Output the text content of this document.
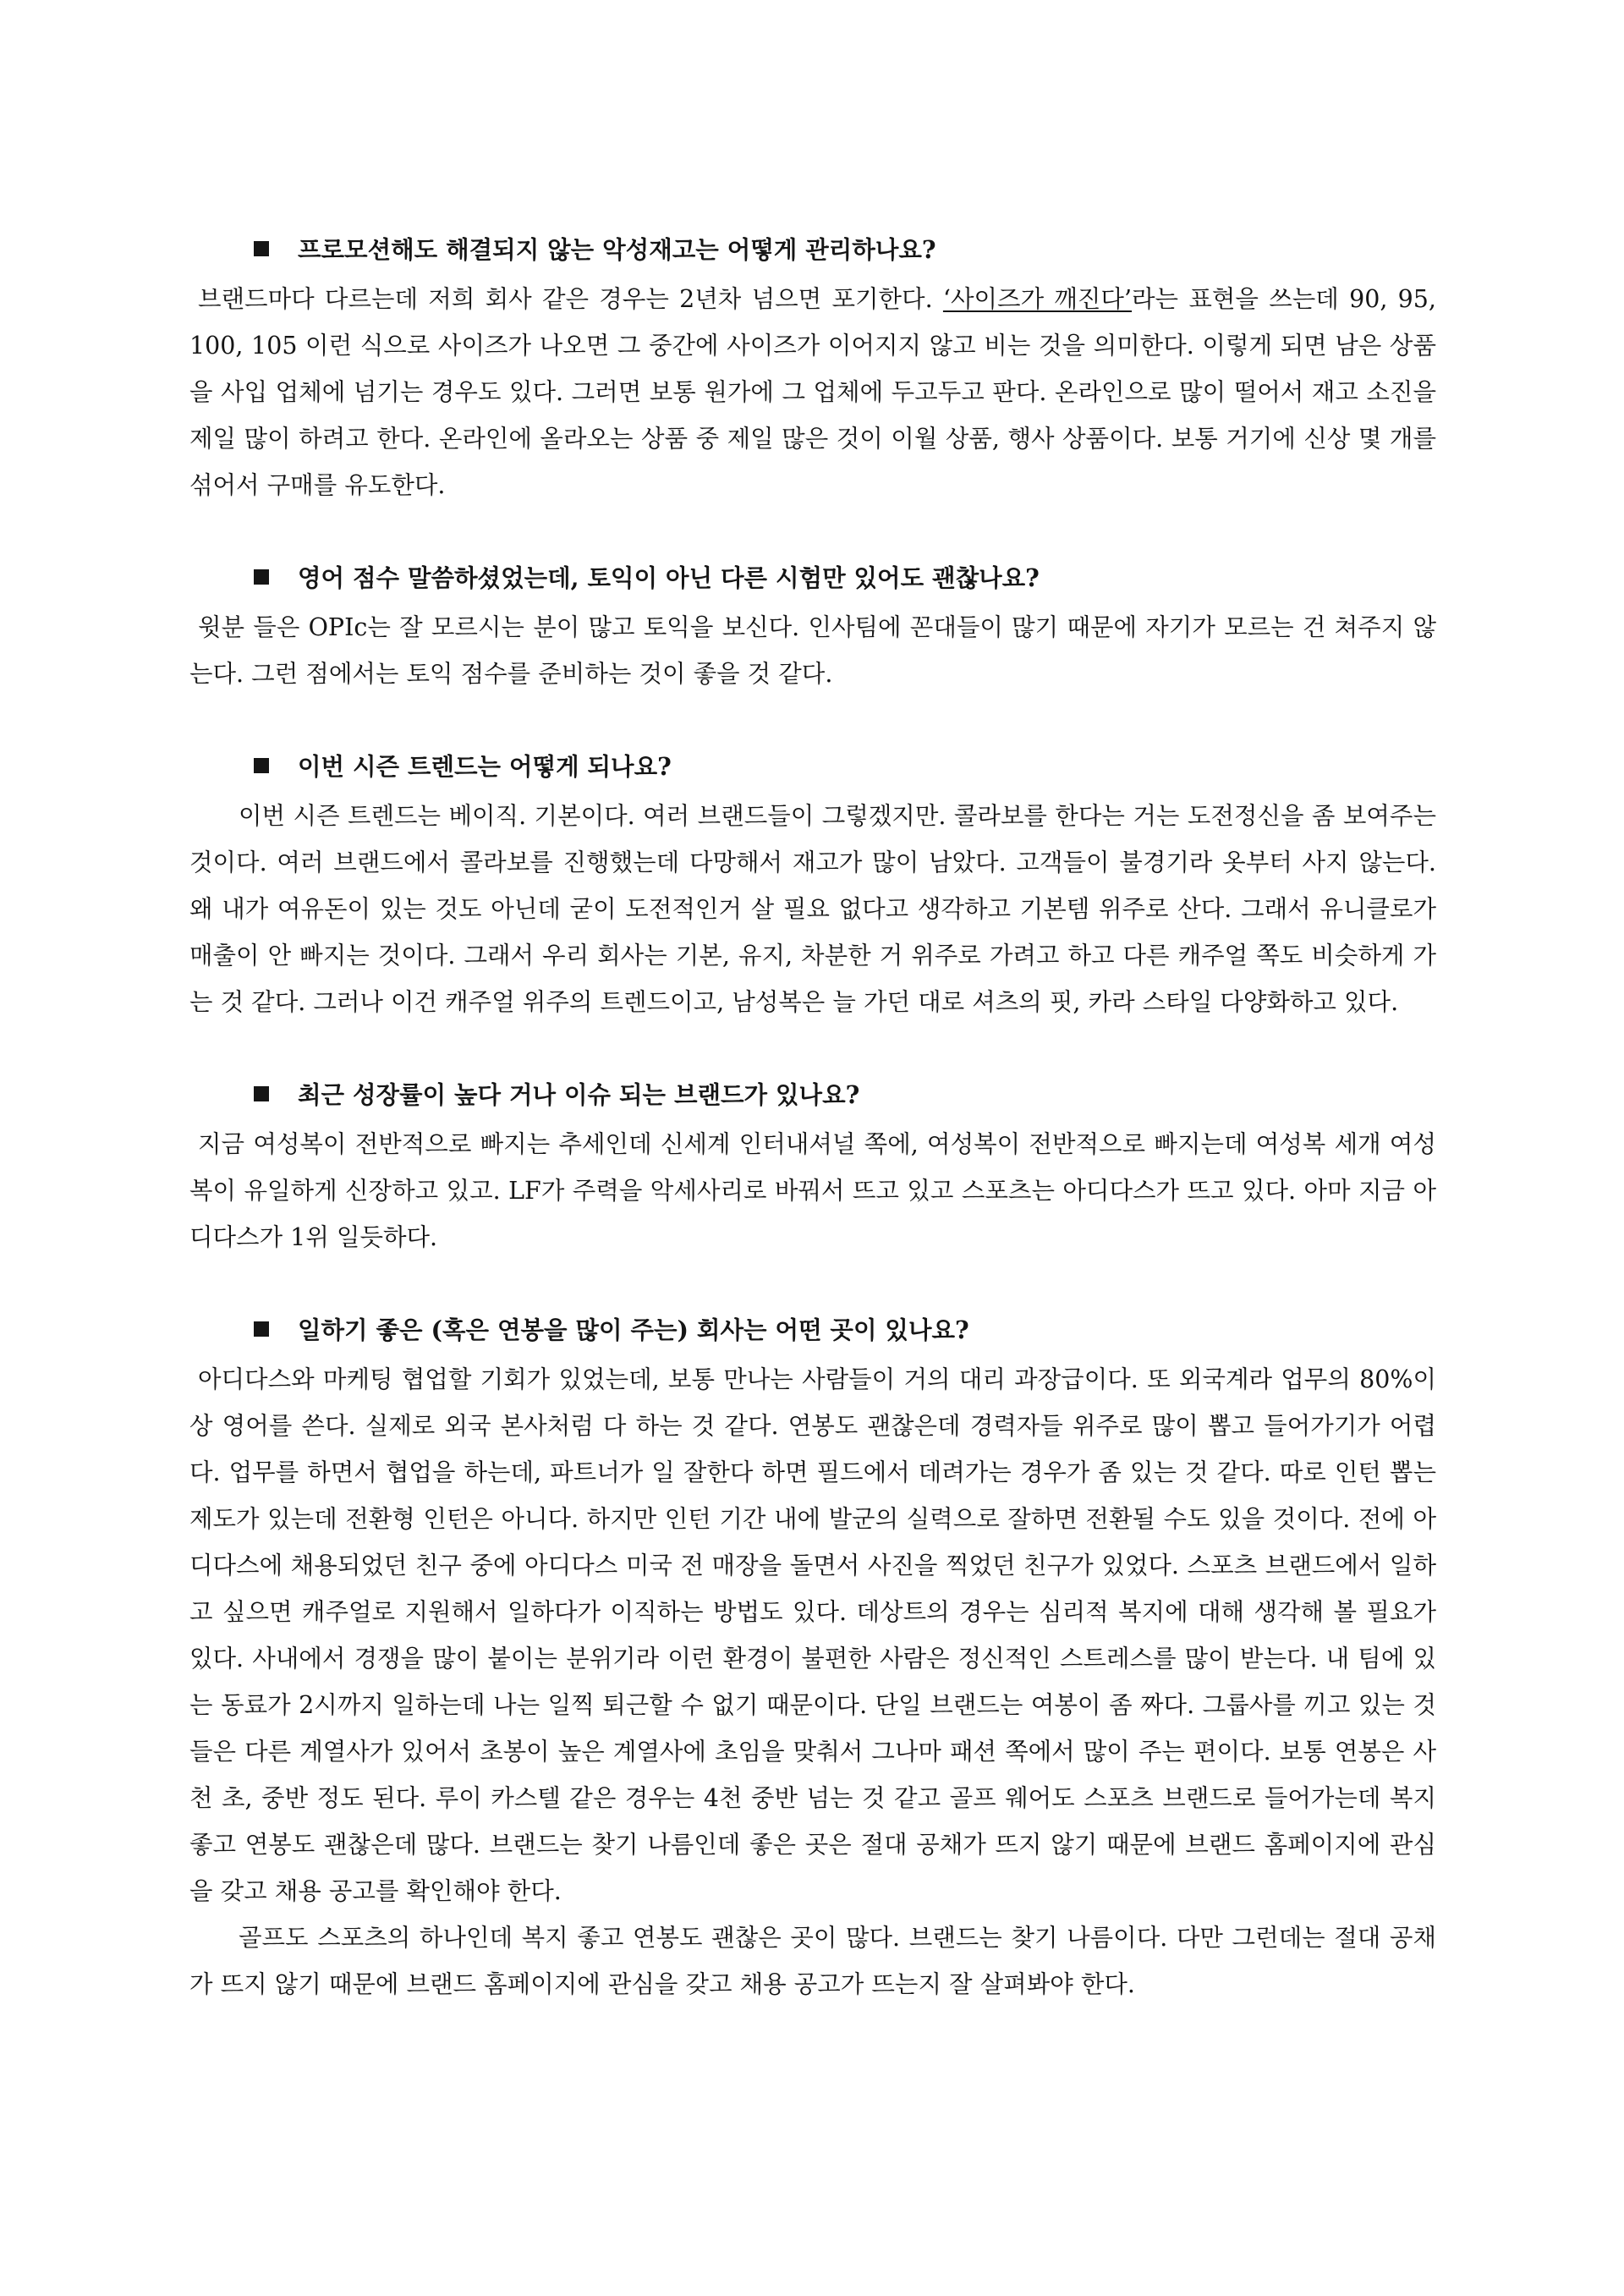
프로모션해도 해결되지 않는 악성재고는 어떻게 관리하나요?

브랜드마다 다르는데 저희 회사 같은 경우는 2년차 넘으면 포기한다. ‘사이즈가 깨진다’라는 표현을 쓰는데 90, 95, 100, 105 이런 식으로 사이즈가 나오면 그 중간에 사이즈가 이어지지 않고 비는 것을 의미한다. 이렇게 되면 남은 상품을 사입 업체에 넘기는 경우도 있다. 그러면 보통 원가에 그 업체에 두고두고 판다. 온라인으로 많이 떨어서 재고 소진을 제일 많이 하려고 한다. 온라인에 올라오는 상품 중 제일 많은 것이 이월 상품, 행사 상품이다. 보통 거기에 신상 몇 개를 섞어서 구매를 유도한다.

영어 점수 말씀하셨었는데, 토익이 아닌 다른 시험만 있어도 괜찮나요?

윗분 들은 OPIc는 잘 모르시는 분이 많고 토익을 보신다. 인사팀에 꼰대들이 많기 때문에 자기가 모르는 건 쳐주지 않는다. 그런 점에서는 토익 점수를 준비하는 것이 좋을 것 같다.

이번 시즌 트렌드는 어떻게 되나요?

이번 시즌 트렌드는 베이직. 기본이다. 여러 브랜드들이 그렇겠지만. 콜라보를 한다는 거는 도전정신을 좀 보여주는 것이다. 여러 브랜드에서 콜라보를 진행했는데 다망해서 재고가 많이 남았다. 고객들이 불경기라 옷부터 사지 않는다. 왜 내가 여유돈이 있는 것도 아닌데 굳이 도전적인거 살 필요 없다고 생각하고 기본템 위주로 산다. 그래서 유니클로가 매출이 안 빠지는 것이다. 그래서 우리 회사는 기본, 유지, 차분한 거 위주로 가려고 하고 다른 캐주얼 쪽도 비슷하게 가는 것 같다. 그러나 이건 캐주얼 위주의 트렌드이고, 남성복은 늘 가던 대로 셔츠의 핏, 카라 스타일 다양화하고 있다.

최근 성장률이 높다 거나 이슈 되는 브랜드가 있나요?

지금 여성복이 전반적으로 빠지는 추세인데 신세계 인터내셔널 쪽에, 여성복이 전반적으로 빠지는데 여성복 세개 여성복이 유일하게 신장하고 있고. LF가 주력을 악세사리로 바꿔서 뜨고 있고 스포츠는 아디다스가 뜨고 있다. 아마 지금 아디다스가 1위 일듯하다.

일하기 좋은 (혹은 연봉을 많이 주는) 회사는 어떤 곳이 있나요?

아디다스와 마케팅 협업할 기회가 있었는데, 보통 만나는 사람들이 거의 대리 과장급이다. 또 외국계라 업무의 80%이상 영어를 쓴다. 실제로 외국 본사처럼 다 하는 것 같다. 연봉도 괜찮은데 경력자들 위주로 많이 뽑고 들어가기가 어렵다. 업무를 하면서 협업을 하는데, 파트너가 일 잘한다 하면 필드에서 데려가는 경우가 좀 있는 것 같다. 따로 인턴 뽑는 제도가 있는데 전환형 인턴은 아니다. 하지만 인턴 기간 내에 발군의 실력으로 잘하면 전환될 수도 있을 것이다. 전에 아디다스에 채용되었던 친구 중에 아디다스 미국 전 매장을 돌면서 사진을 찍었던 친구가 있었다. 스포츠 브랜드에서 일하고 싶으면 캐주얼로 지원해서 일하다가 이직하는 방법도 있다. 데상트의 경우는 심리적 복지에 대해 생각해 볼 필요가 있다. 사내에서 경쟁을 많이 붙이는 분위기라 이런 환경이 불편한 사람은 정신적인 스트레스를 많이 받는다. 내 팀에 있는 동료가 2시까지 일하는데 나는 일찍 퇴근할 수 없기 때문이다. 단일 브랜드는 여봉이 좀 짜다. 그룹사를 끼고 있는 것들은 다른 계열사가 있어서 초봉이 높은 계열사에 초임을 맞춰서 그나마 패션 쪽에서 많이 주는 편이다. 보통 연봉은 사천 초, 중반 정도 된다. 루이 카스텔 같은 경우는 4천 중반 넘는 것 같고 골프 웨어도 스포츠 브랜드로 들어가는데 복지 좋고 연봉도 괜찮은데 많다. 브랜드는 찾기 나름인데 좋은 곳은 절대 공채가 뜨지 않기 때문에 브랜드 홈페이지에 관심을 갖고 채용 공고를 확인해야 한다.

골프도 스포츠의 하나인데 복지 좋고 연봉도 괜찮은 곳이 많다. 브랜드는 찾기 나름이다. 다만 그런데는 절대 공채가 뜨지 않기 때문에 브랜드 홈페이지에 관심을 갖고 채용 공고가 뜨는지 잘 살펴봐야 한다.
